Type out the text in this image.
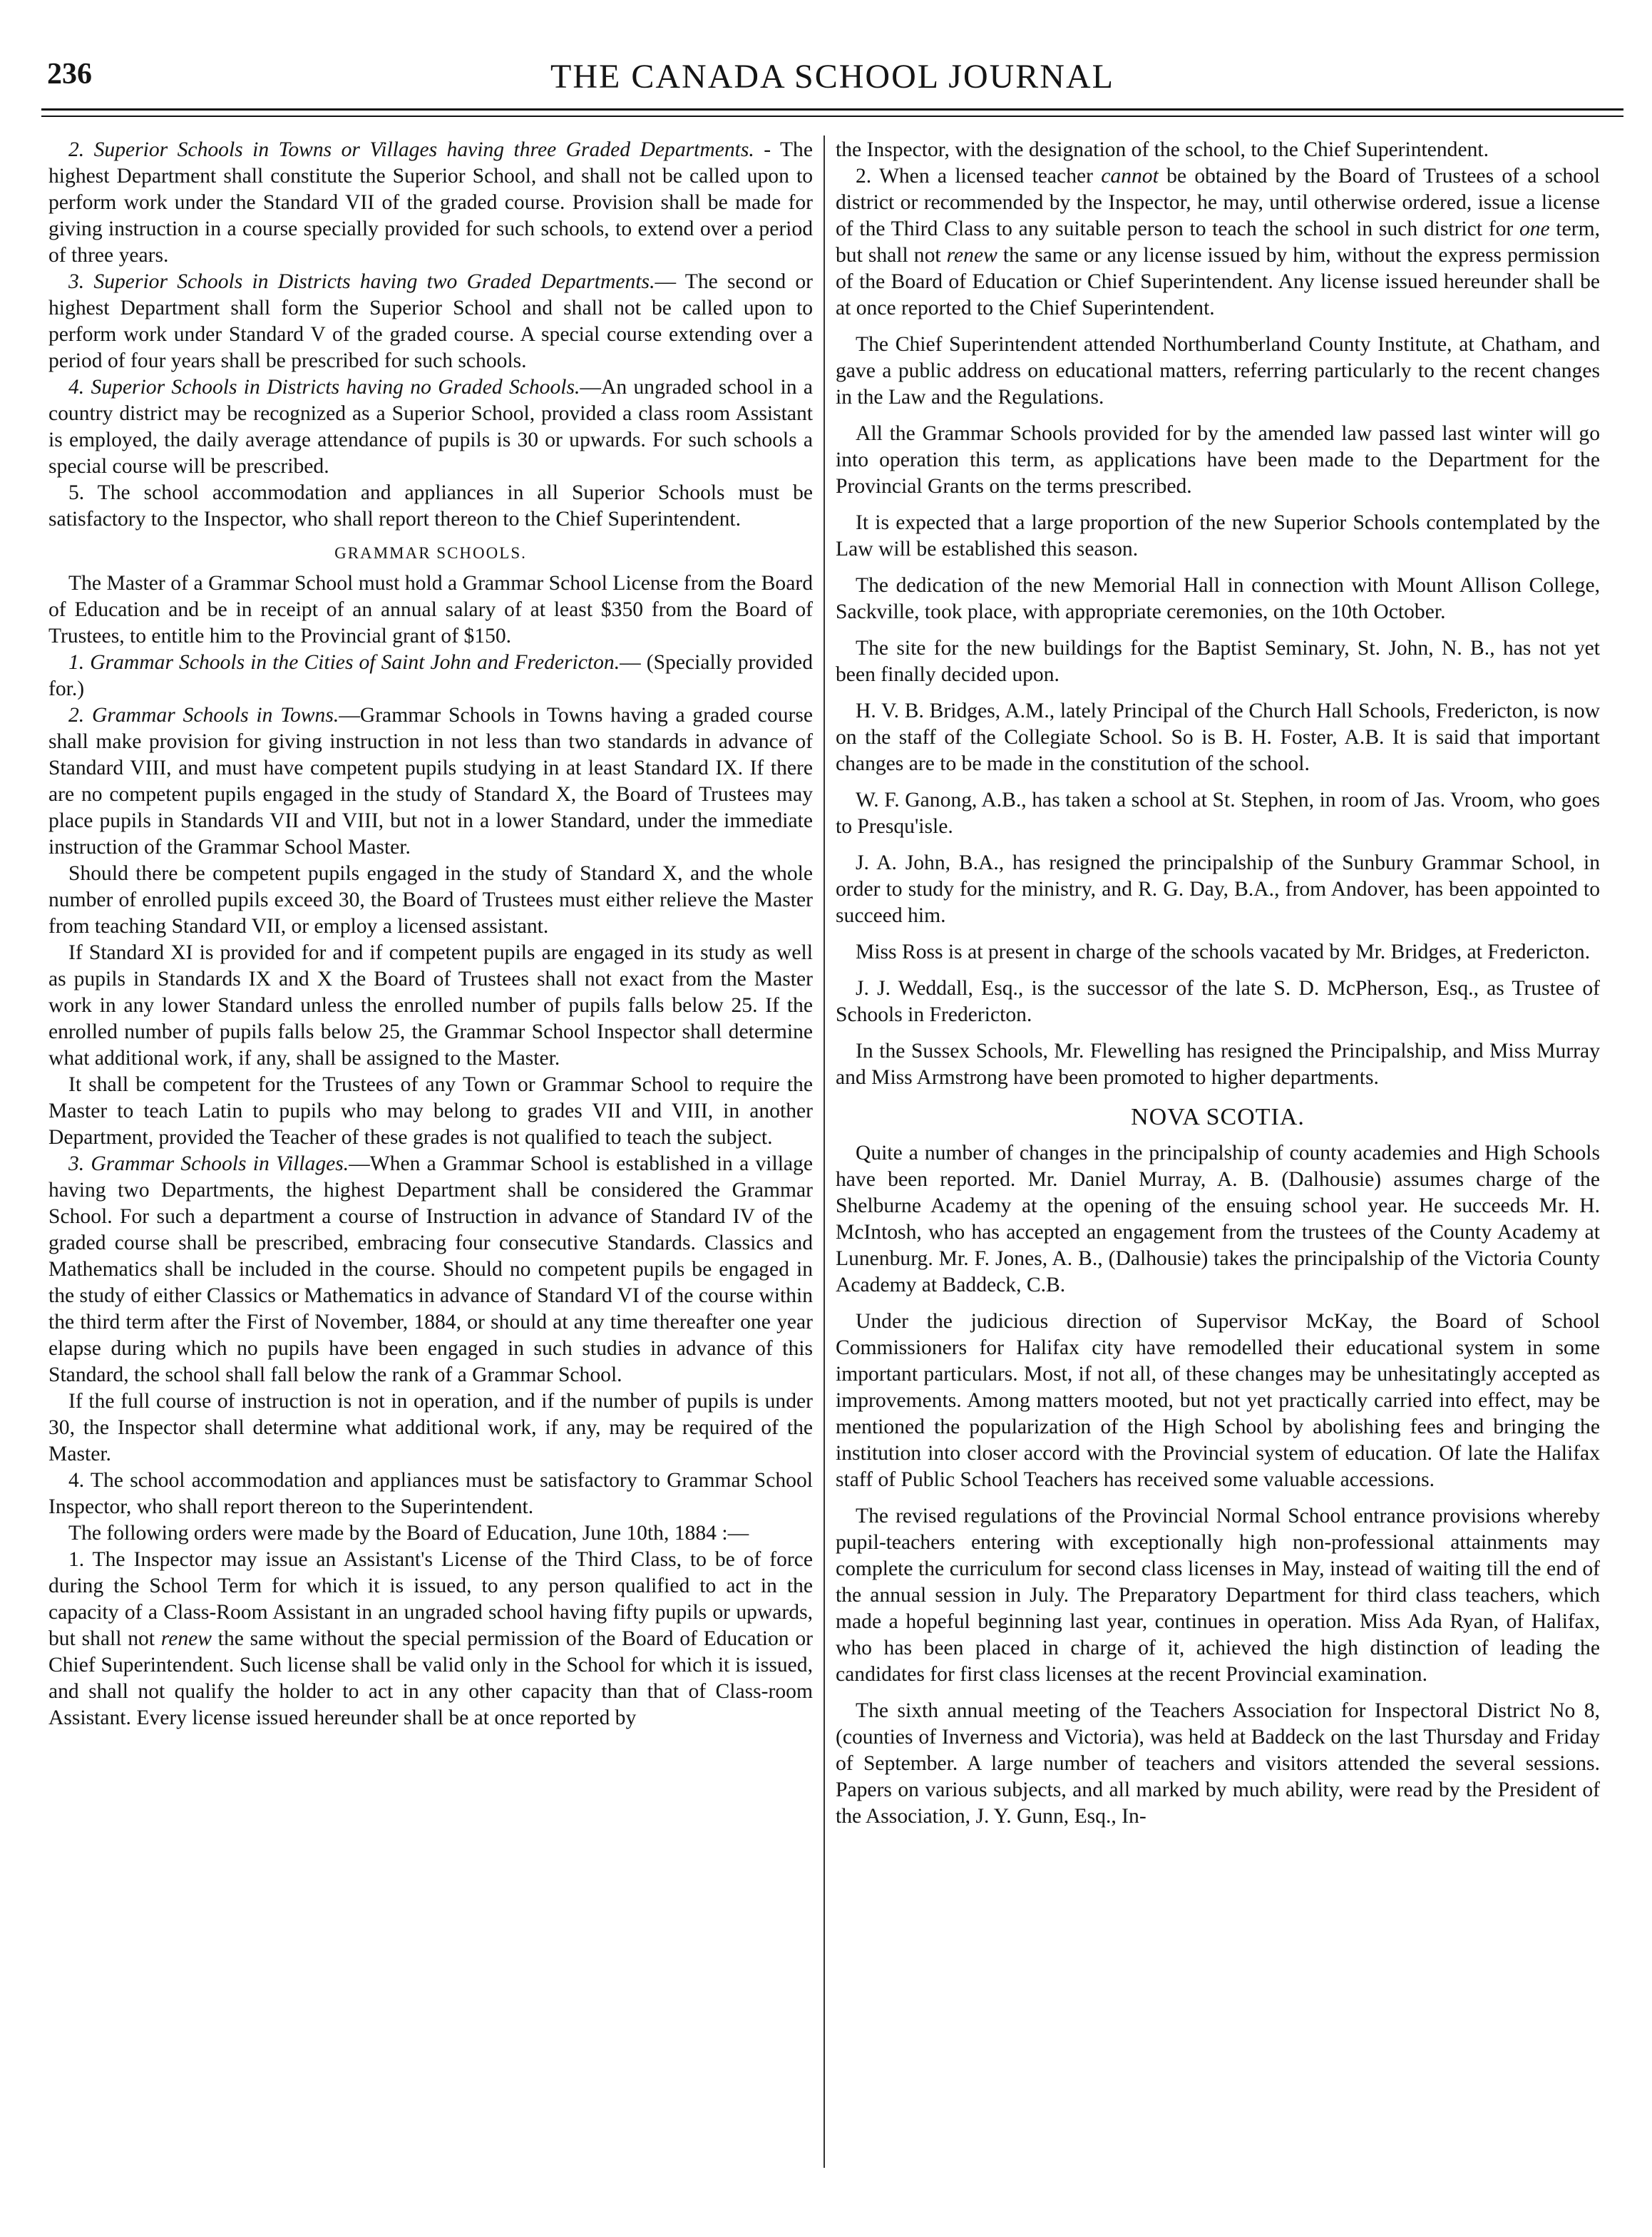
236	THE CANADA SCHOOL JOURNAL

2. Superior Schools in Towns or Villages having three Graded Departments. - The highest Department shall constitute the Superior School, and shall not be called upon to perform work under the Standard VII of the graded course. Provision shall be made for giving instruction in a course specially provided for such schools, to extend over a period of three years.

3. Superior Schools in Districts having two Graded Departments.— The second or highest Department shall form the Superior School and shall not be called upon to perform work under Standard V of the graded course. A special course extending over a period of four years shall be prescribed for such schools.

4. Superior Schools in Districts having no Graded Schools.—An ungraded school in a country district may be recognized as a Superior School, provided a class room Assistant is employed, the daily average attendance of pupils is 30 or upwards. For such schools a special course will be prescribed.

5. The school accommodation and appliances in all Superior Schools must be satisfactory to the Inspector, who shall report thereon to the Chief Superintendent.

GRAMMAR SCHOOLS.

The Master of a Grammar School must hold a Grammar School License from the Board of Education and be in receipt of an annual salary of at least $350 from the Board of Trustees, to entitle him to the Provincial grant of $150.

1. Grammar Schools in the Cities of Saint John and Fredericton.— (Specially provided for.)

2. Grammar Schools in Towns.—Grammar Schools in Towns having a graded course shall make provision for giving instruction in not less than two standards in advance of Standard VIII, and must have competent pupils studying in at least Standard IX. If there are no competent pupils engaged in the study of Standard X, the Board of Trustees may place pupils in Standards VII and VIII, but not in a lower Standard, under the immediate instruction of the Grammar School Master.

Should there be competent pupils engaged in the study of Standard X, and the whole number of enrolled pupils exceed 30, the Board of Trustees must either relieve the Master from teaching Standard VII, or employ a licensed assistant.

If Standard XI is provided for and if competent pupils are engaged in its study as well as pupils in Standards IX and X the Board of Trustees shall not exact from the Master work in any lower Standard unless the enrolled number of pupils falls below 25. If the enrolled number of pupils falls below 25, the Grammar School Inspector shall determine what additional work, if any, shall be assigned to the Master.

It shall be competent for the Trustees of any Town or Grammar School to require the Master to teach Latin to pupils who may belong to grades VII and VIII, in another Department, provided the Teacher of these grades is not qualified to teach the subject.

3. Grammar Schools in Villages.—When a Grammar School is established in a village having two Departments, the highest Department shall be considered the Grammar School. For such a department a course of Instruction in advance of Standard IV of the graded course shall be prescribed, embracing four consecutive Standards. Classics and Mathematics shall be included in the course. Should no competent pupils be engaged in the study of either Classics or Mathematics in advance of Standard VI of the course within the third term after the First of November, 1884, or should at any time thereafter one year elapse during which no pupils have been engaged in such studies in advance of this Standard, the school shall fall below the rank of a Grammar School.

If the full course of instruction is not in operation, and if the number of pupils is under 30, the Inspector shall determine what additional work, if any, may be required of the Master.

4. The school accommodation and appliances must be satisfactory to Grammar School Inspector, who shall report thereon to the Superintendent.

The following orders were made by the Board of Education, June 10th, 1884 :—

1. The Inspector may issue an Assistant's License of the Third Class, to be of force during the School Term for which it is issued, to any person qualified to act in the capacity of a Class-Room Assistant in an ungraded school having fifty pupils or upwards, but shall not renew the same without the special permission of the Board of Education or Chief Superintendent. Such license shall be valid only in the School for which it is issued, and shall not qualify the holder to act in any other capacity than that of Class-room Assistant. Every license issued hereunder shall be at once reported by

the Inspector, with the designation of the school, to the Chief Superintendent.

2. When a licensed teacher cannot be obtained by the Board of Trustees of a school district or recommended by the Inspector, he may, until otherwise ordered, issue a license of the Third Class to any suitable person to teach the school in such district for one term, but shall not renew the same or any license issued by him, without the express permission of the Board of Education or Chief Superintendent. Any license issued hereunder shall be at once reported to the Chief Superintendent.

The Chief Superintendent attended Northumberland County Institute, at Chatham, and gave a public address on educational matters, referring particularly to the recent changes in the Law and the Regulations.

All the Grammar Schools provided for by the amended law passed last winter will go into operation this term, as applications have been made to the Department for the Provincial Grants on the terms prescribed.

It is expected that a large proportion of the new Superior Schools contemplated by the Law will be established this season.

The dedication of the new Memorial Hall in connection with Mount Allison College, Sackville, took place, with appropriate ceremonies, on the 10th October.

The site for the new buildings for the Baptist Seminary, St. John, N. B., has not yet been finally decided upon.

H. V. B. Bridges, A.M., lately Principal of the Church Hall Schools, Fredericton, is now on the staff of the Collegiate School. So is B. H. Foster, A.B. It is said that important changes are to be made in the constitution of the school.

W. F. Ganong, A.B., has taken a school at St. Stephen, in room of Jas. Vroom, who goes to Presqu'isle.

J. A. John, B.A., has resigned the principalship of the Sunbury Grammar School, in order to study for the ministry, and R. G. Day, B.A., from Andover, has been appointed to succeed him.

Miss Ross is at present in charge of the schools vacated by Mr. Bridges, at Fredericton.

J. J. Weddall, Esq., is the successor of the late S. D. McPherson, Esq., as Trustee of Schools in Fredericton.

In the Sussex Schools, Mr. Flewelling has resigned the Principalship, and Miss Murray and Miss Armstrong have been promoted to higher departments.

NOVA SCOTIA.

Quite a number of changes in the principalship of county academies and High Schools have been reported. Mr. Daniel Murray, A. B. (Dalhousie) assumes charge of the Shelburne Academy at the opening of the ensuing school year. He succeeds Mr. H. McIntosh, who has accepted an engagement from the trustees of the County Academy at Lunenburg. Mr. F. Jones, A. B., (Dalhousie) takes the principalship of the Victoria County Academy at Baddeck, C.B.

Under the judicious direction of Supervisor McKay, the Board of School Commissioners for Halifax city have remodelled their educational system in some important particulars. Most, if not all, of these changes may be unhesitatingly accepted as improvements. Among matters mooted, but not yet practically carried into effect, may be mentioned the popularization of the High School by abolishing fees and bringing the institution into closer accord with the Provincial system of education. Of late the Halifax staff of Public School Teachers has received some valuable accessions.

The revised regulations of the Provincial Normal School entrance provisions whereby pupil-teachers entering with exceptionally high non-professional attainments may complete the curriculum for second class licenses in May, instead of waiting till the end of the annual session in July. The Preparatory Department for third class teachers, which made a hopeful beginning last year, continues in operation. Miss Ada Ryan, of Halifax, who has been placed in charge of it, achieved the high distinction of leading the candidates for first class licenses at the recent Provincial examination.

The sixth annual meeting of the Teachers Association for Inspectoral District No 8, (counties of Inverness and Victoria), was held at Baddeck on the last Thursday and Friday of September. A large number of teachers and visitors attended the several sessions. Papers on various subjects, and all marked by much ability, were read by the President of the Association, J. Y. Gunn, Esq., In-
